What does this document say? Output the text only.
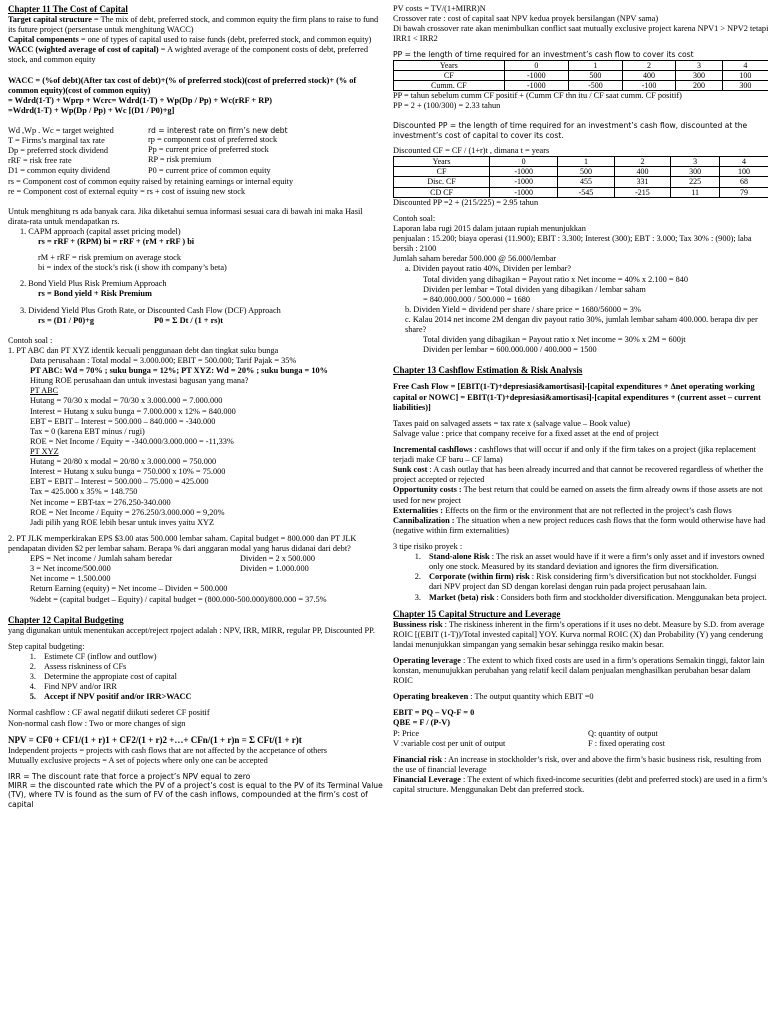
Chapter 11 The Cost of Capital

Target capital structure = The mix of debt, preferred stock, and common equity the firm plans to raise to fund its future project (persentase untuk menghitung WACC)

Capital components = one of types of capital used to raise funds (debt, preferred stock, and common equity)

WACC (wighted average of cost of capital) = A wighted average of the component costs of debt, preferred stock, and common equity

WACC = (%of debt)(After tax cost of debt)+(% of preferred stock)(cost of preferred stock)+ (% of common equity)(cost of common equity)

= Wdrd(1-T) + Wprp + Wcrc= Wdrd(1-T) + Wp(Dp / Pp) + Wc(rRF + RP)

=Wdrd(1-T) + Wp(Dp / Pp) + Wc [(D1 / P0)+g]

Wd ,Wp . Wc = target weighted
T = Firms’s marginal tax rate
Dp = preferred stock dividend
rRF = risk free rate
D1 = common equity dividend
rd = interest rate on firm’s new debt
rp = component cost of preferred stock
Pp = current price of preferred stock
RP = risk premium
P0 = current price of common equity

rs = Component cost of common equity raised by retaining earnings or internal equity

re = Component cost of external equity = rs + cost of issuing new stock

Untuk menghitung rs ada banyak cara. Jika diketahui semua informasi sesuai cara di bawah ini maka Hasil dirata-rata untuk mendapatkan rs.

1. CAPM approach (capital asset pricing model)

rs = rRF + (RPM) bi = rRF + (rM + rRF ) bi

rM + rRF = risk premium on average stock

bi = index of the stock’s risk (i show ith company’s beta)

2. Bond Yield Plus Risk Premium Approach

rs = Bond yield + Risk Premium

3. Dividend Yield Plus Groth Rate, or Discounted Cash Flow (DCF) Approach

rs = (D1 / P0)+g	P0 = Σ Dt / (1 + rs)t

Contoh soal :

1. PT ABC dan PT XYZ identik kecuali penggunaan debt dan tingkat suku bunga

Data perusahaan : Total modal = 3.000.000; EBIT = 500.000; Tarif Pajak = 35%

PT ABC: Wd = 70% ; suku bunga = 12%; PT XYZ: Wd = 20% ; suku bunga = 10%

Hitung ROE perusahaan dan untuk investasi bagusan yang mana?

PT ABC

Hutang = 70/30 x modal = 70/30 x 3.000.000 = 7.000.000

Interest = Hutang x suku bunga = 7.000.000 x 12% = 840.000

EBT = EBIT – Interest = 500.000 – 840.000 = -340.000

Tax = 0 (karena EBT minus / rugi)

ROE = Net Income / Equity = -340.000/3.000.000 = -11,33%

PT XYZ

Hutang = 20/80 x modal = 20/80 x 3.000.000 = 750.000

Interest = Hutang x suku bunga = 750.000 x 10% = 75.000

EBT = EBIT – Interest = 500.000 – 75.000 = 425.000

Tax = 425.000 x 35% = 148.750

Net income = EBT-tax = 276.250-340.000

ROE = Net Income / Equity = 276.250/3.000.000 = 9,20%

Jadi pilih yang ROE lebih besar untuk inves yaitu XYZ

2. PT JLK memperkirakan EPS $3.00 atas 500.000 lembar saham. Capital budget = 800.000 dan PT JLK pendapatan dividen $2 per lembar saham. Berapa % dari anggaran modal yang harus didanai dari debt?

EPS = Net income / Jumlah saham beredar
3 = Net income/500.000
Dividen = 2 x 500.000
Dividen = 1.000.000

Net income = 1.500.000

Return Earning (equity) = Net income – Dividen = 500.000

%debt = (capital budget – Equity) / capital budget = (800.000-500.000)/800.000 = 37.5%

Chapter 12 Capital Budgeting

yang digunakan untuk menentukan accept/reject rpoject adalah : NPV, IRR, MIRR, regular PP, Discounted PP.

Step capital budgeting:

1. Estimete CF (inflow and outflow)
2. Assess riskniness of CFs
3. Determine the appropiate cost of capital
4. Find NPV and/or IRR
5. Accept if NPV positif and/or IRR>WACC

Normal cashflow : CF awal negatif diikuti sederet CF positif

Non-normal cash flow : Two or more changes of sign

NPV = CF0 + CF1/(1 + r)1 + CF2/(1 + r)2 +…+ CFn/(1 + r)n = Σ CFt/(1 + r)t

Independent projects = projects with cash flows that are not affected by the accpetance of others

Mutually exclusive projects = A set of pojects where only one can be accepted

IRR = The discount rate that force a project’s NPV equal to zero

MIRR = the discounted rate which the PV of a project’s cost is equal to the PV of its Terminal Value (TV), where TV is found as the sum of FV of the cash inflows, compounded at the firm’s cost of capital

PV costs = TV/(1+MIRR)N

Crossover rate : cost of capital saat NPV kedua proyek bersilangan (NPV sama)

Di bawah crossover rate akan menimbulkan conflict saat mutually exclusive project karena NPV1 > NPV2 tetapi IRR1 < IRR2

PP = the length of time required for an investment’s cash flow to cover its cost

Years	0	1	2	3	4
CF	-1000	500	400	300	100
Cumm. CF	-1000	-500	-100	200	300

PP = tahun sebelum cumm CF positif + (Cumm CF thn itu / CF saat cumm. CF positif)

PP = 2 + (100/300) = 2.33 tahun

Discounted PP = the length of time required for an investment’s cash flow, discounted at the investment’s cost of capital to cover its cost.

Discounted CF = CF / (1+r)t , dimana t = years

Years	0	1	2	3	4
CF	-1000	500	400	300	100
Disc. CF	-1000	455	331	225	68
CD CF	-1000	-545	-215	11	79

Discounted PP =2 + (215/225) = 2.95 tahun

Contoh soal:

Laporan laba rugi 2015 dalam jutaan rupiah menunjukkan

penjualan : 15.200; biaya operasi (11.900); EBIT : 3.300; Interest (300); EBT : 3.000; Tax 30% : (900); laba bersih : 2100

Jumlah saham beredar 500.000 @ 56.000/lembar

a. Dividen payout ratio 40%, Dividen per lembar?

Total dividen yang dibagikan = Payout ratio x Net income = 40% x 2.100 = 840

Dividen per lembar = Total dividen yang dibagikan / lembar saham

= 840.000.000 / 500.000 = 1680

b. Dividen Yield = dividend per share / share price = 1680/56000 = 3%

c. Kalau 2014 net income 2M dengan div payout ratio 30%, jumlah lembar saham 400.000. berapa div per share?

Total dividen yang dibagikan = Payout ratio x Net income = 30% x 2M = 600jt

Dividen per lembar = 600.000.000 / 400.000 = 1500

Chapter 13 Cashflow Estimation & Risk Analysis

Free Cash Flow = [EBIT(1-T)+depresiasi&amortisasi]-[capital expenditures + Δnet operating working capital or NOWC] = EBIT(1-T)+depresiasi&amortisasi]-[capital expenditures + (current asset – current liabilities)]

Taxes paid on salvaged assets = tax rate x (salvage value – Book value)

Salvage value : price that company receive for a fixed asset at the end of project

Incremental cashflows : cashflows that will occur if and only if the firm takes on a project (jika replacement terjadi make CF baru – CF lama)

Sunk cost : A cash outlay that has been already incurred and that cannot be recovered regardless of whether the project accepted or rejected

Opportunity costs : The best return that could be earned on assets the firm already owns if those assets are not used for new project

Externalities : Effects on the firm or the environment that are not reflected in the project’s cash flows

Cannibalization : The situation when a new project reduces cash flows that the form would otherwise have had (negative within firm externalities)

3 tipe risiko proyek :

1. Stand-alone Risk : The risk an asset would have if it were a firm’s only asset and if investors owned only one stock. Measured by its standard deviation and ignores the firm diversification.
2. Corporate (within firm) risk : Risk considering firm’s diversification but not stockholder. Fungsi dari NPV project dan SD dengan korelasi dengan ruin pada project perusahaan lain.
3. Market (beta) risk : Considers both firm and stockholder diversification. Menggunakan beta project.

Chapter 15 Capital Structure and Leverage

Bussiness risk : The riskiness inherent in the firm’s operations if it uses no debt. Measure by S.D. from average ROIC [(EBIT (1-T))/Total invested capital] YOY. Kurva normal ROIC (X) dan Probability (Y) yang cenderung landai menunjukkan simpangan yang semakin besar sehingga resiko makin besar.

Operating leverage : The extent to which fixed costs are used in a firm’s operations Semakin tinggi, faktor lain konstan, menunujukkan perubahan yang relatif kecil dalam penjualan menghasilkan perubahan besar dalam ROIC

Operating breakeven : The output quantity which EBIT =0

EBIT = PQ – VQ-F = 0

QBE = F / (P-V)

P: Price
V :variable cost per unit of output
Q: quantity of output
F : fixed operating cost

Financial risk : An increase in stockholder’s risk, over and above the firm’s basic business risk, resulting from the use of financial leverage

Financial Leverage : The extent of which fixed-income securities (debt and preferred stock) are used in a firm’s capital structure. Menggunakan Debt dan preferred stock.
